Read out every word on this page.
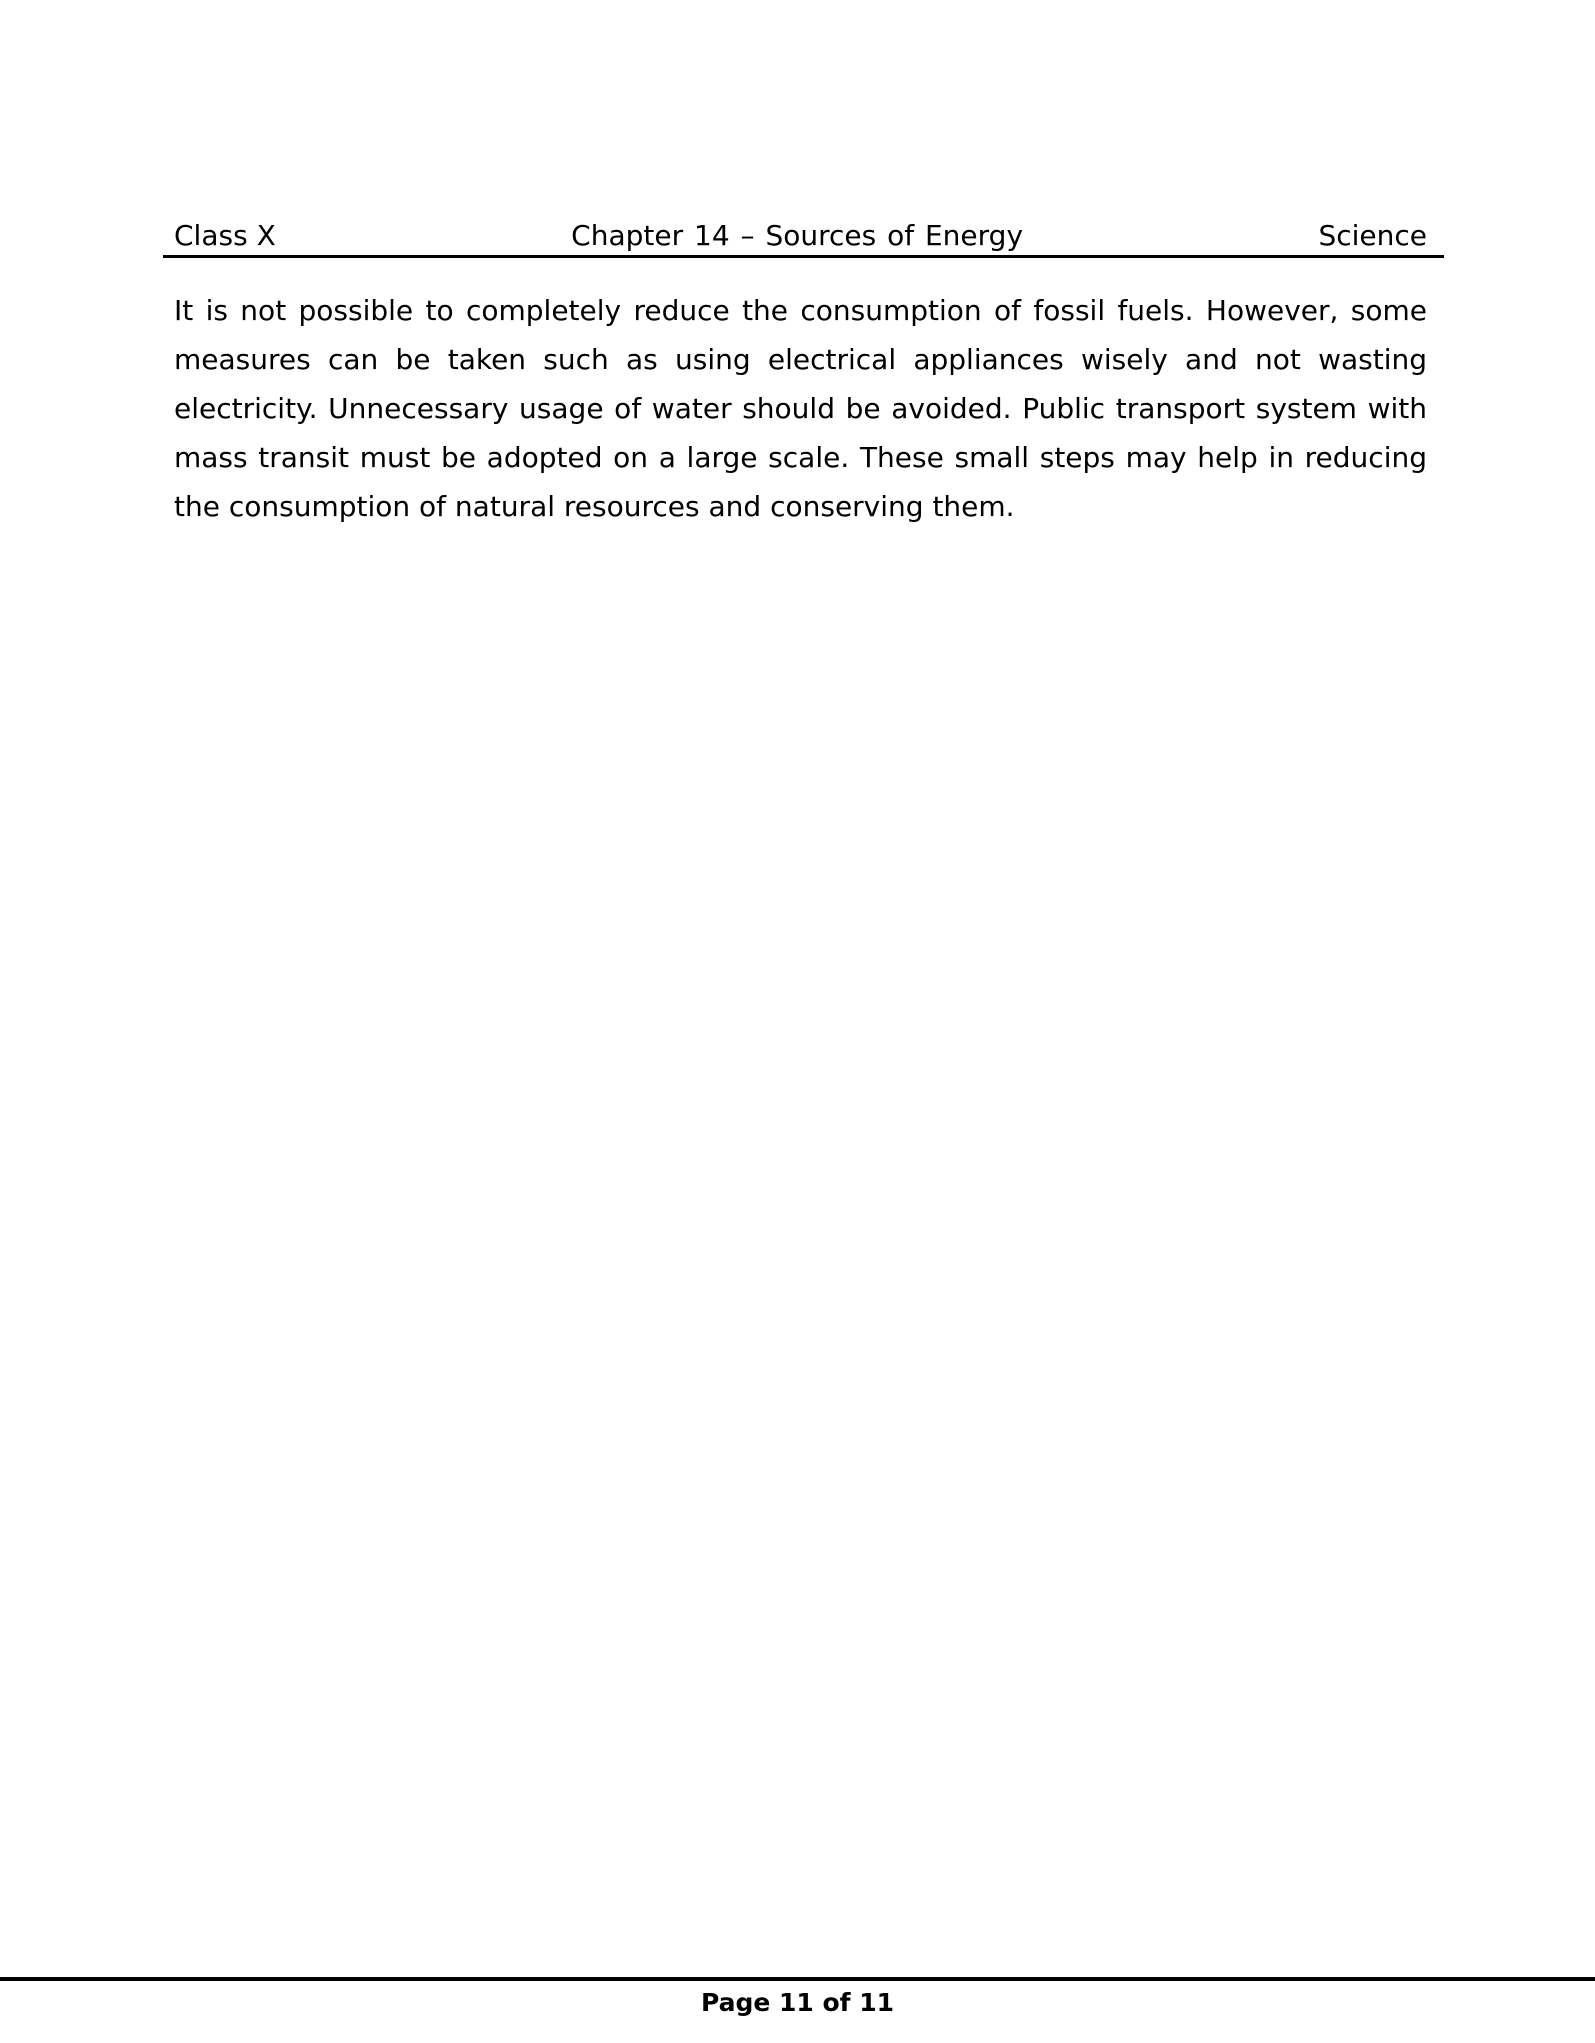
Class X	Chapter 14 – Sources of Energy	Science

It is not possible to completely reduce the consumption of fossil fuels. However, some
measures can be taken such as using electrical appliances wisely and not wasting
electricity. Unnecessary usage of water should be avoided. Public transport system with
mass transit must be adopted on a large scale. These small steps may help in reducing
the consumption of natural resources and conserving them.

Page 11 of 11
